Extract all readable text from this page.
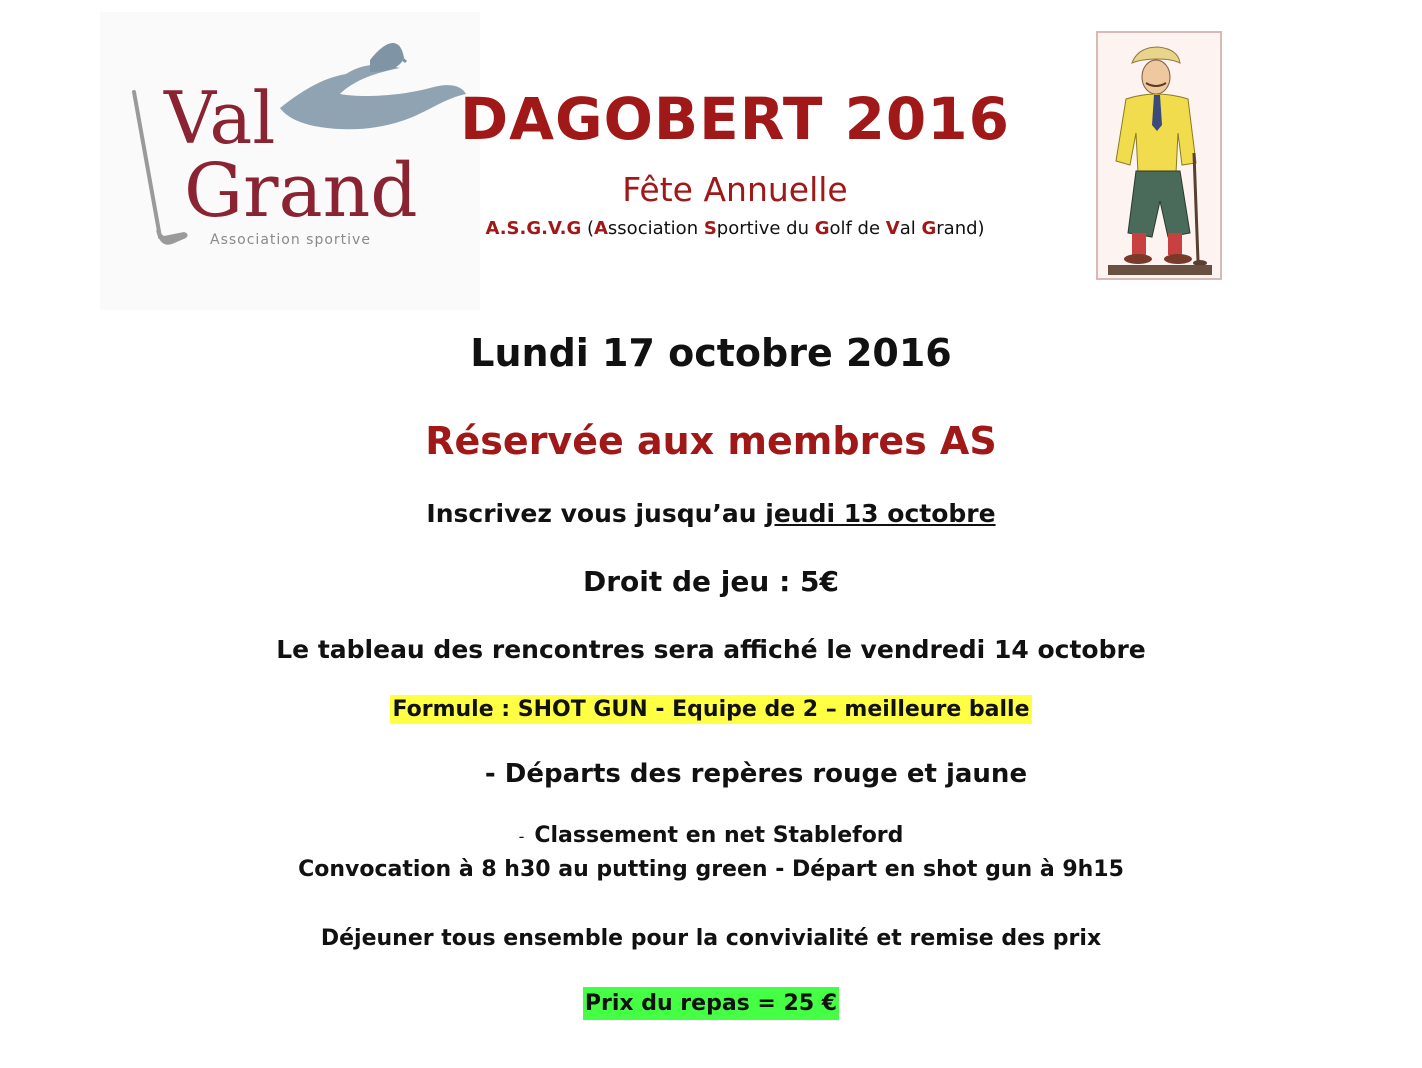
Val
Grand
Association sportive
DAGOBERT 2016
Fête Annuelle
A.S.G.V.G (Association Sportive du Golf de Val Grand)
Lundi 17 octobre 2016
Réservée aux membres AS
Inscrivez vous jusqu’au jeudi 13 octobre
Droit de jeu : 5€
Le tableau des rencontres sera affiché le vendredi 14 octobre
Formule : SHOT GUN - Equipe de 2 – meilleure balle
- Départs des repères rouge et jaune
- Classement en net Stableford
Convocation à 8 h30 au putting green - Départ en shot gun à 9h15
Déjeuner tous ensemble pour la convivialité et remise des prix
Prix du repas = 25 €
